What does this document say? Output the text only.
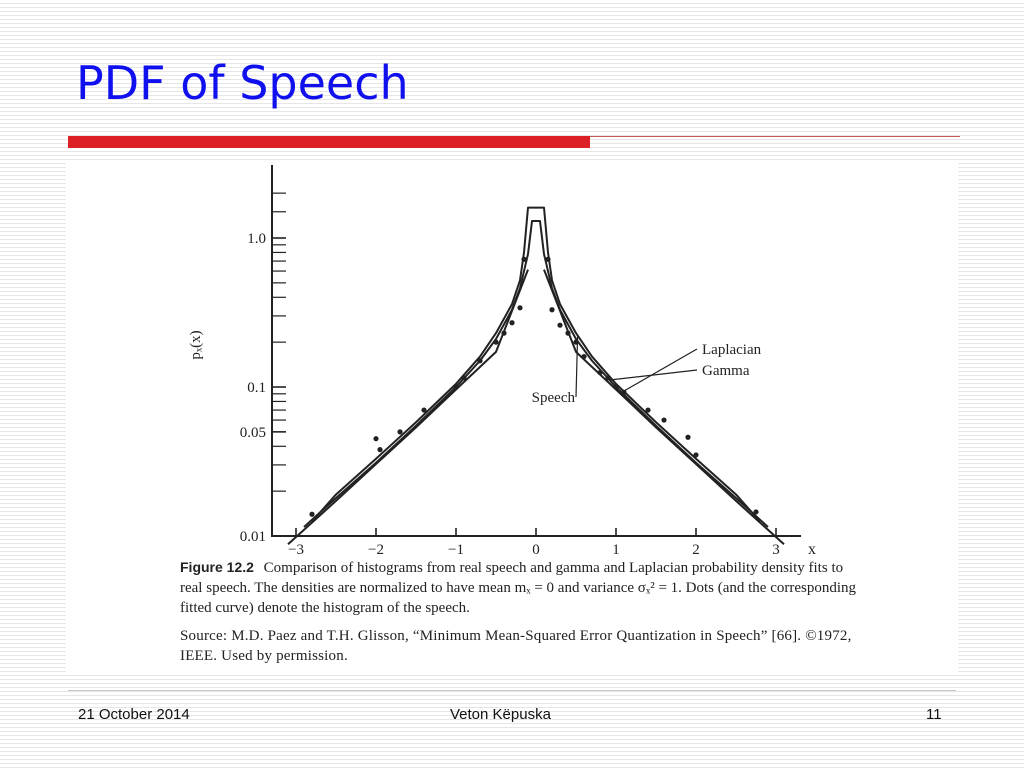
PDF of Speech
0.01
0.05
0.1
1.0
−3	−2	−1	0	1	2	3 x
pₓ(x)	Laplacian
Gamma
Speech

Figure 12.2 Comparison of histograms from real speech and gamma and Laplacian probability density fits to real speech. The densities are normalized to have mean mₓ = 0 and variance σₓ² = 1. Dots (and the corresponding fitted curve) denote the histogram of the speech.

Source: M.D. Paez and T.H. Glisson, “Minimum Mean-Squared Error Quantization in Speech” [66]. ©1972, IEEE. Used by permission.

21 October 2014	Veton Këpuska	11
